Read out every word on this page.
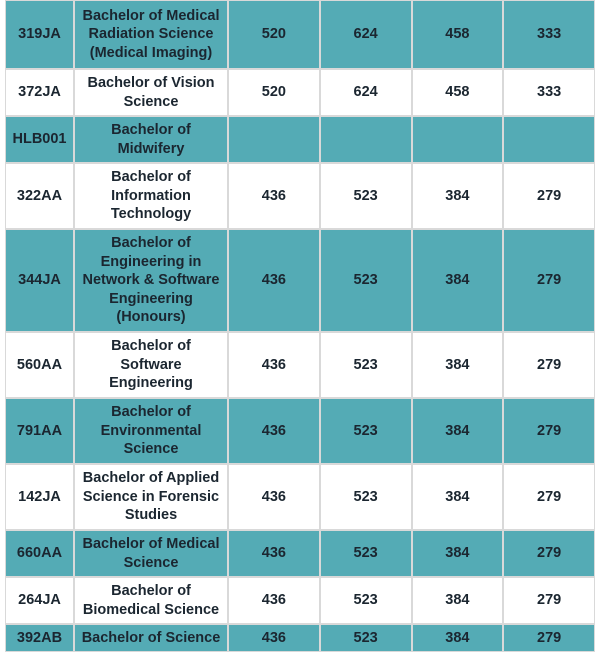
319JA	Bachelor of Medical Radiation Science (Medical Imaging)	520	624	458	333
372JA	Bachelor of Vision Science	520	624	458	333
HLB001	Bachelor of Midwifery				
322AA	Bachelor of Information Technology	436	523	384	279
344JA	Bachelor of Engineering in Network & Software Engineering (Honours)	436	523	384	279
560AA	Bachelor of Software Engineering	436	523	384	279
791AA	Bachelor of Environmental Science	436	523	384	279
142JA	Bachelor of Applied Science in Forensic Studies	436	523	384	279
660AA	Bachelor of Medical Science	436	523	384	279
264JA	Bachelor of Biomedical Science	436	523	384	279
392AB	Bachelor of Science	436	523	384	279
